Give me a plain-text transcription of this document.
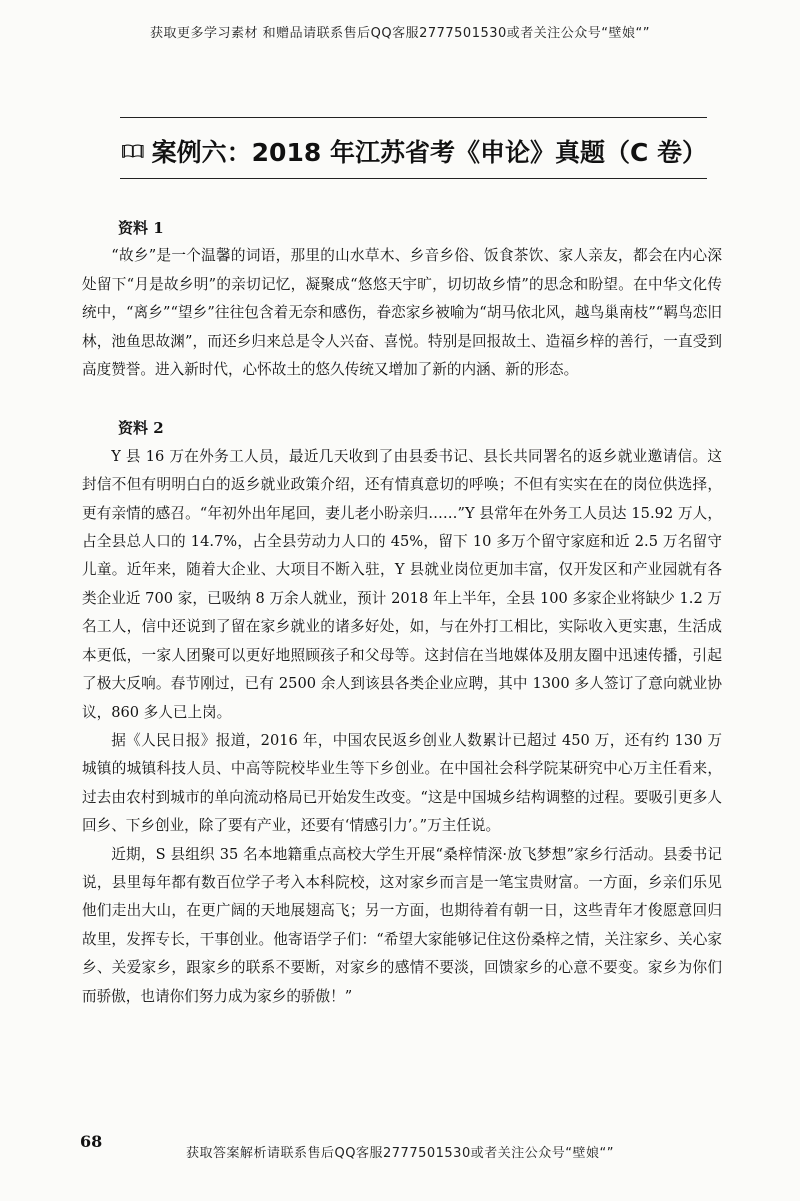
获取更多学习素材 和赠品请联系售后QQ客服2777501530或者关注公众号“壁娘“”
案例六：2018 年江苏省考《申论》真题（C 卷）

资料 1

“故乡”是一个温馨的词语，那里的山水草木、乡音乡俗、饭食茶饮、家人亲友，都会在内心深处留下“月是故乡明”的亲切记忆，凝聚成“悠悠天宇旷，切切故乡情”的思念和盼望。在中华文化传统中，“离乡”“望乡”往往包含着无奈和感伤，眷恋家乡被喻为“胡马依北风，越鸟巢南枝”“羁鸟恋旧林，池鱼思故渊”，而还乡归来总是令人兴奋、喜悦。特别是回报故土、造福乡梓的善行，一直受到高度赞誉。进入新时代，心怀故土的悠久传统又增加了新的内涵、新的形态。

资料 2

Y 县 16 万在外务工人员，最近几天收到了由县委书记、县长共同署名的返乡就业邀请信。这封信不但有明明白白的返乡就业政策介绍，还有情真意切的呼唤；不但有实实在在的岗位供选择，更有亲情的感召。“年初外出年尾回，妻儿老小盼亲归……”Y 县常年在外务工人员达 15.92 万人，占全县总人口的 14.7%，占全县劳动力人口的 45%，留下 10 多万个留守家庭和近 2.5 万名留守儿童。近年来，随着大企业、大项目不断入驻，Y 县就业岗位更加丰富，仅开发区和产业园就有各类企业近 700 家，已吸纳 8 万余人就业，预计 2018 年上半年，全县 100 多家企业将缺少 1.2 万名工人，信中还说到了留在家乡就业的诸多好处，如，与在外打工相比，实际收入更实惠，生活成本更低，一家人团聚可以更好地照顾孩子和父母等。这封信在当地媒体及朋友圈中迅速传播，引起了极大反响。春节刚过，已有 2500 余人到该县各类企业应聘，其中 1300 多人签订了意向就业协议，860 多人已上岗。

据《人民日报》报道，2016 年，中国农民返乡创业人数累计已超过 450 万，还有约 130 万城镇的城镇科技人员、中高等院校毕业生等下乡创业。在中国社会科学院某研究中心万主任看来，过去由农村到城市的单向流动格局已开始发生改变。“这是中国城乡结构调整的过程。要吸引更多人回乡、下乡创业，除了要有产业，还要有‘情感引力’。”万主任说。

近期，S 县组织 35 名本地籍重点高校大学生开展“桑梓情深·放飞梦想”家乡行活动。县委书记说，县里每年都有数百位学子考入本科院校，这对家乡而言是一笔宝贵财富。一方面，乡亲们乐见他们走出大山，在更广阔的天地展翅高飞；另一方面，也期待着有朝一日，这些青年才俊愿意回归故里，发挥专长，干事创业。他寄语学子们：“希望大家能够记住这份桑梓之情，关注家乡、关心家乡、关爱家乡，跟家乡的联系不要断，对家乡的感情不要淡，回馈家乡的心意不要变。家乡为你们而骄傲，也请你们努力成为家乡的骄傲！”

68
获取答案解析请联系售后QQ客服2777501530或者关注公众号“壁娘“”
